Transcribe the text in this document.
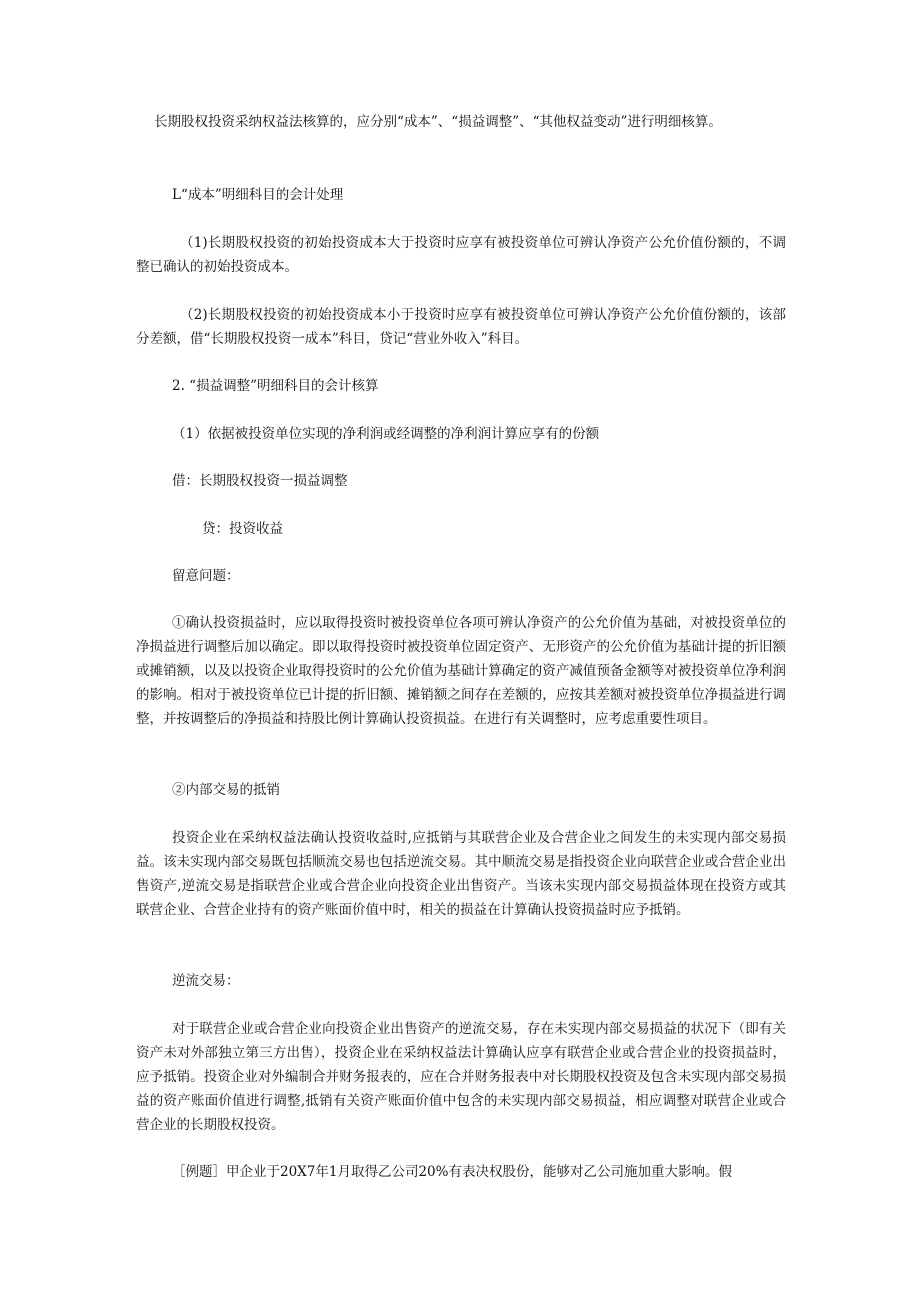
长期股权投资采纳权益法核算的，应分别“成本”、“损益调整”、“其他权益变动”进行明细核算。

L“成本”明细科目的会计处理

（1)长期股权投资的初始投资成本大于投资时应享有被投资单位可辨认净资产公允价值份额的，不调整已确认的初始投资成本。

（2)长期股权投资的初始投资成本小于投资时应享有被投资单位可辨认净资产公允价值份额的，该部分差额，借“长期股权投资一成本”科目，贷记“营业外收入”科目。

2. “损益调整”明细科目的会计核算

（1）依据被投资单位实现的净利润或经调整的净利润计算应享有的份额

借：长期股权投资一损益调整

贷：投资收益

留意问题：

①确认投资损益时，应以取得投资时被投资单位各项可辨认净资产的公允价值为基础，对被投资单位的净损益进行调整后加以确定。即以取得投资时被投资单位固定资产、无形资产的公允价值为基础计提的折旧额或摊销额，以及以投资企业取得投资时的公允价值为基础计算确定的资产减值预备金额等对被投资单位净利润的影响。相对于被投资单位已计提的折旧额、摊销额之间存在差额的，应按其差额对被投资单位净损益进行调整，并按调整后的净损益和持股比例计算确认投资损益。在进行有关调整时，应考虑重要性项目。

②内部交易的抵销

投资企业在采纳权益法确认投资收益时,应抵销与其联营企业及合营企业之间发生的未实现内部交易损益。该未实现内部交易既包括顺流交易也包括逆流交易。其中顺流交易是指投资企业向联营企业或合营企业出售资产,逆流交易是指联营企业或合营企业向投资企业出售资产。当该未实现内部交易损益体现在投资方或其联营企业、合营企业持有的资产账面价值中时，相关的损益在计算确认投资损益时应予抵销。

逆流交易：

对于联营企业或合营企业向投资企业出售资产的逆流交易，存在未实现内部交易损益的状况下（即有关资产未对外部独立第三方出售），投资企业在采纳权益法计算确认应享有联营企业或合营企业的投资损益时，应予抵销。投资企业对外编制合并财务报表的，应在合并财务报表中对长期股权投资及包含未实现内部交易损益的资产账面价值进行调整,抵销有关资产账面价值中包含的未实现内部交易损益，相应调整对联营企业或合营企业的长期股权投资。

［例题］甲企业于20X7年1月取得乙公司20%有表决权股份，能够对乙公司施加重大影响。假
